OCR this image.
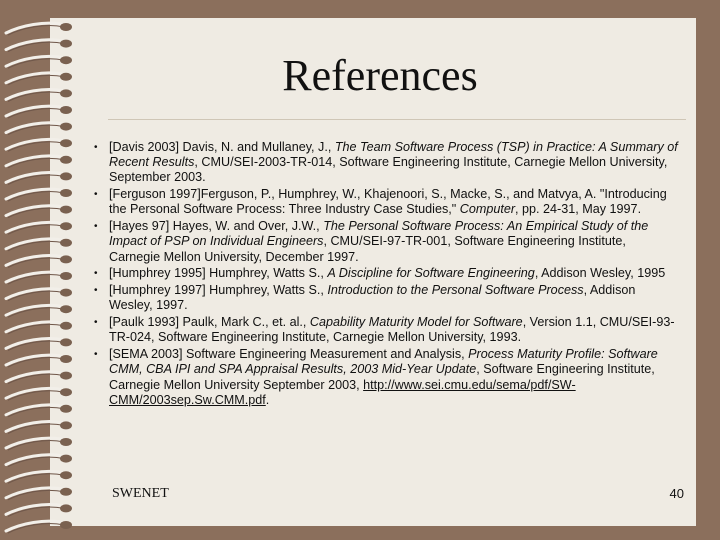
References
• [Davis 2003] Davis, N. and Mullaney, J., The Team Software Process (TSP) in Practice: A Summary of Recent Results, CMU/SEI-2003-TR-014, Software Engineering Institute, Carnegie Mellon University, September 2003.
• [Ferguson 1997]Ferguson, P., Humphrey, W., Khajenoori, S., Macke, S., and Matvya, A. "Introducing the Personal Software Process: Three Industry Case Studies," Computer, pp. 24-31, May 1997.
• [Hayes 97] Hayes, W. and Over, J.W., The Personal Software Process: An Empirical Study of the Impact of PSP on Individual Engineers, CMU/SEI-97-TR-001, Software Engineering Institute, Carnegie Mellon University, December 1997.
• [Humphrey 1995] Humphrey, Watts S., A Discipline for Software Engineering, Addison Wesley, 1995
• [Humphrey 1997] Humphrey, Watts S., Introduction to the Personal Software Process, Addison Wesley, 1997.
• [Paulk 1993] Paulk, Mark C., et. al., Capability Maturity Model for Software, Version 1.1, CMU/SEI-93-TR-024, Software Engineering Institute, Carnegie Mellon University, 1993.
• [SEMA 2003] Software Engineering Measurement and Analysis, Process Maturity Profile: Software CMM, CBA IPI and SPA Appraisal Results, 2003 Mid-Year Update, Software Engineering Institute, Carnegie Mellon University September 2003, http://www.sei.cmu.edu/sema/pdf/SW-CMM/2003sep.Sw.CMM.pdf.
SWENET	40
